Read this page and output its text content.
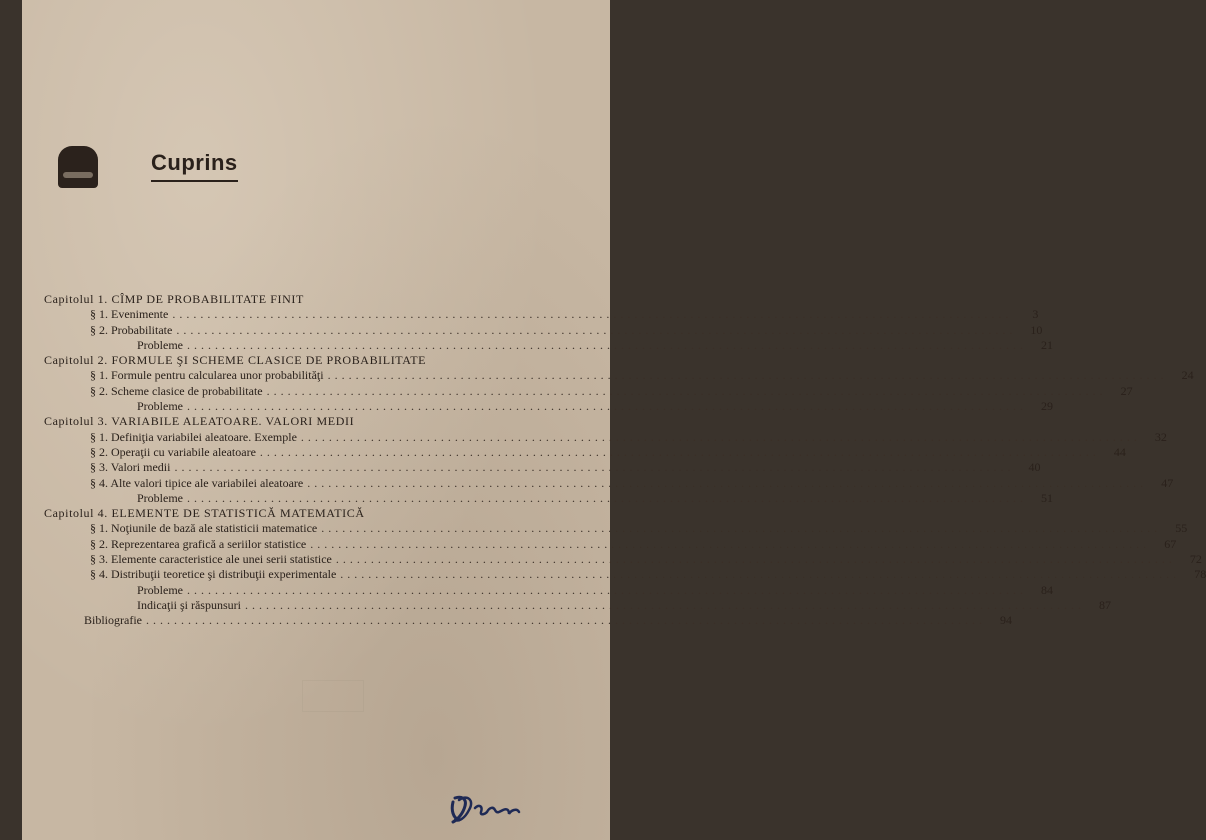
Cuprins
Capitolul 1. CÎMP DE PROBABILITATE FINIT
§ 1. Evenimente ........................................................................................................................	3
§ 2. Probabilitate ........................................................................................................................	10
Probleme ........................................................................................................................	21
Capitolul 2. FORMULE ŞI SCHEME CLASICE DE PROBABILITATE
§ 1. Formule pentru calcularea unor probabilităţi ........................................................................................................................	24
§ 2. Scheme clasice de probabilitate ........................................................................................................................	27
Probleme ........................................................................................................................	29
Capitolul 3. VARIABILE ALEATOARE. VALORI MEDII
§ 1. Definiţia variabilei aleatoare. Exemple ........................................................................................................................	32
§ 2. Operaţii cu variabile aleatoare ........................................................................................................................	44
§ 3. Valori medii ........................................................................................................................	40
§ 4. Alte valori tipice ale variabilei aleatoare ........................................................................................................................	47
Probleme ........................................................................................................................	51
Capitolul 4. ELEMENTE DE STATISTICĂ MATEMATICĂ
§ 1. Noţiunile de bază ale statisticii matematice ........................................................................................................................	55
§ 2. Reprezentarea grafică a seriilor statistice ........................................................................................................................	67
§ 3. Elemente caracteristice ale unei serii statistice ........................................................................................................................	72
§ 4. Distribuţii teoretice şi distribuţii experimentale ........................................................................................................................	78
Probleme ........................................................................................................................	84
Indicaţii şi răspunsuri ........................................................................................................................	87
Bibliografie ........................................................................................................................	94
